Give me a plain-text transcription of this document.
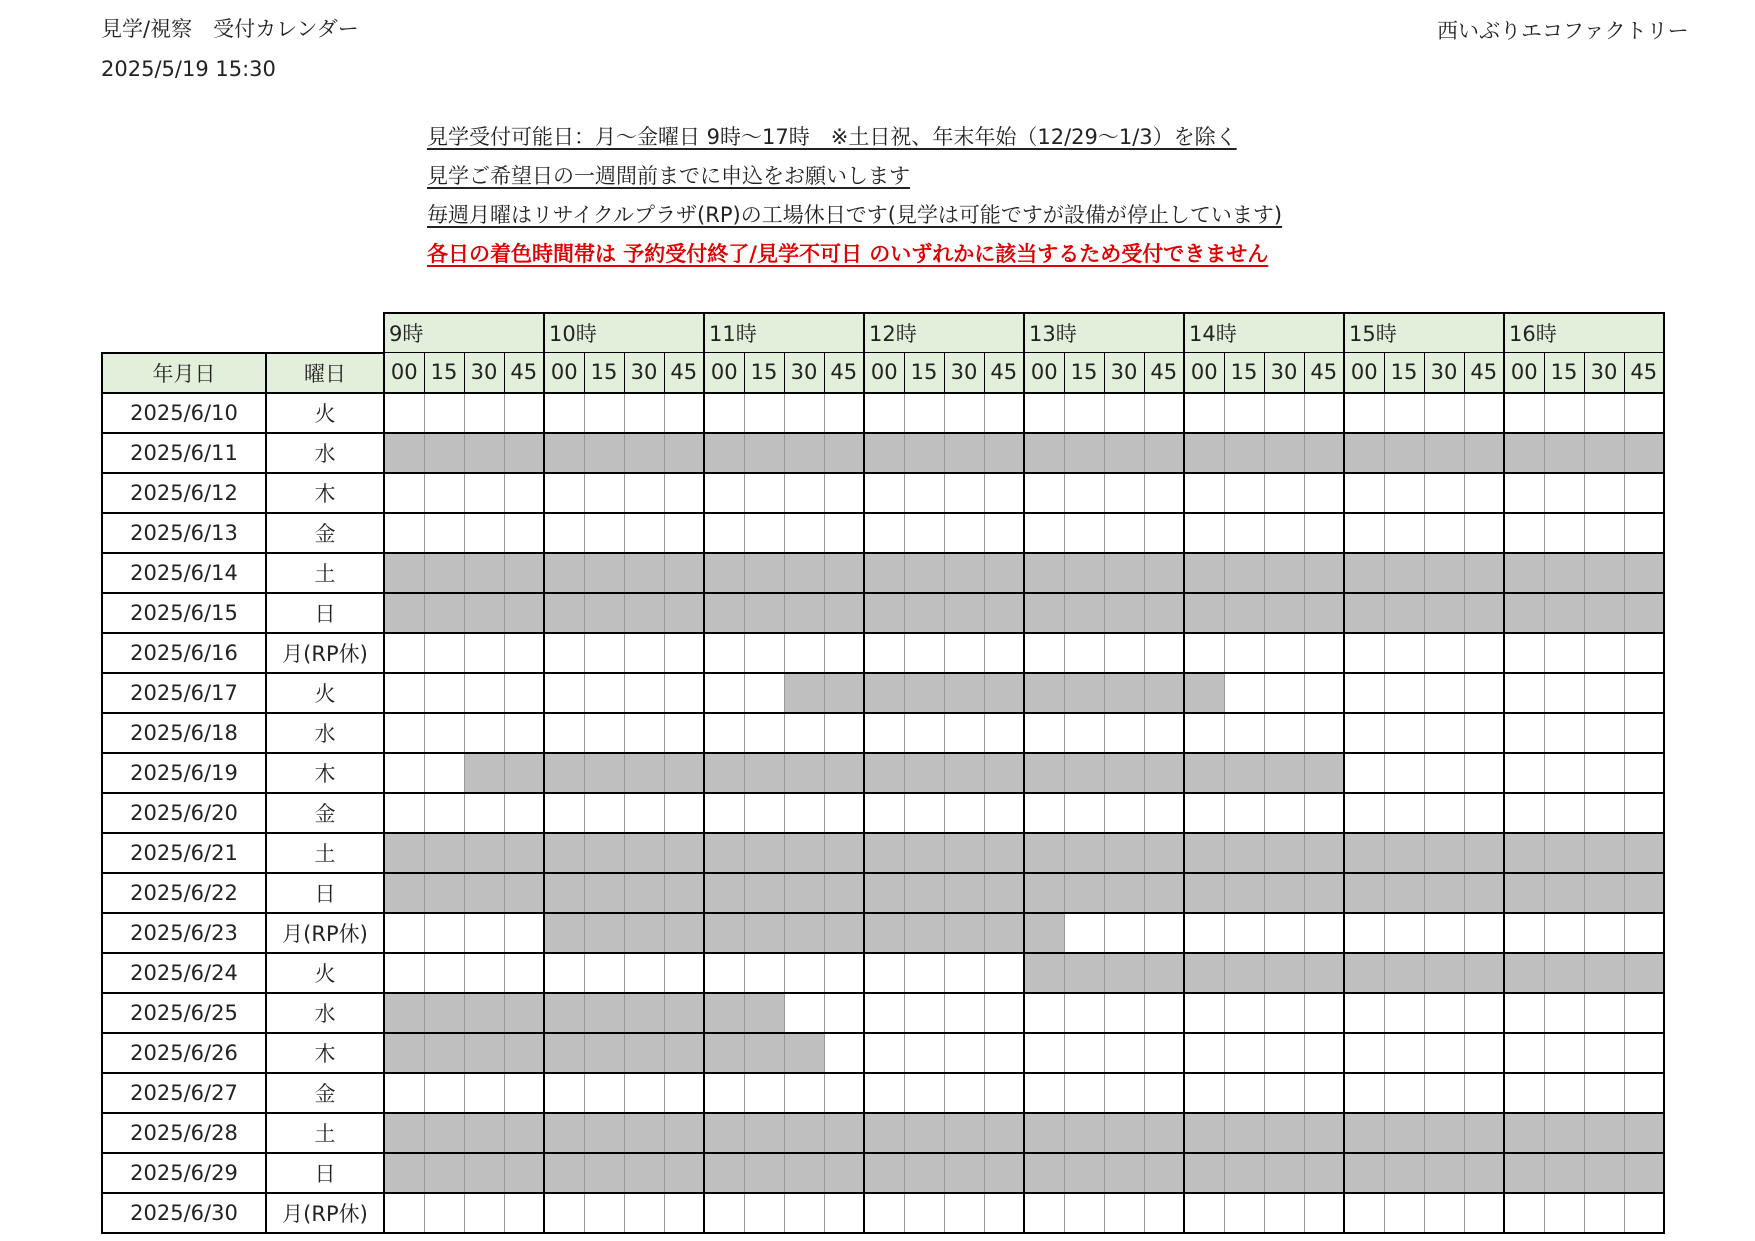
見学/視察　受付カレンダー
2025/5/19 15:30
西いぶりエコファクトリー
見学受付可能日：月～金曜日 9時～17時　※土日祝、年末年始（12/29～1/3）を除く
見学ご希望日の一週間前までに申込をお願いします
毎週月曜はリサイクルプラザ(RP)の工場休日です(見学は可能ですが設備が停止しています)
各日の着色時間帯は 予約受付終了/見学不可日 のいずれかに該当するため受付できません
		9時				10時				11時				12時				13時				14時				15時				16時			
年月日	曜日	00	15	30	45	00	15	30	45	00	15	30	45	00	15	30	45	00	15	30	45	00	15	30	45	00	15	30	45	00	15	30	45
2025/6/10	火																																
2025/6/11	水																																
2025/6/12	木																																
2025/6/13	金																																
2025/6/14	土																																
2025/6/15	日																																
2025/6/16	月(RP休)																																
2025/6/17	火																																
2025/6/18	水																																
2025/6/19	木																																
2025/6/20	金																																
2025/6/21	土																																
2025/6/22	日																																
2025/6/23	月(RP休)																																
2025/6/24	火																																
2025/6/25	水																																
2025/6/26	木																																
2025/6/27	金																																
2025/6/28	土																																
2025/6/29	日																																
2025/6/30	月(RP休)																																
